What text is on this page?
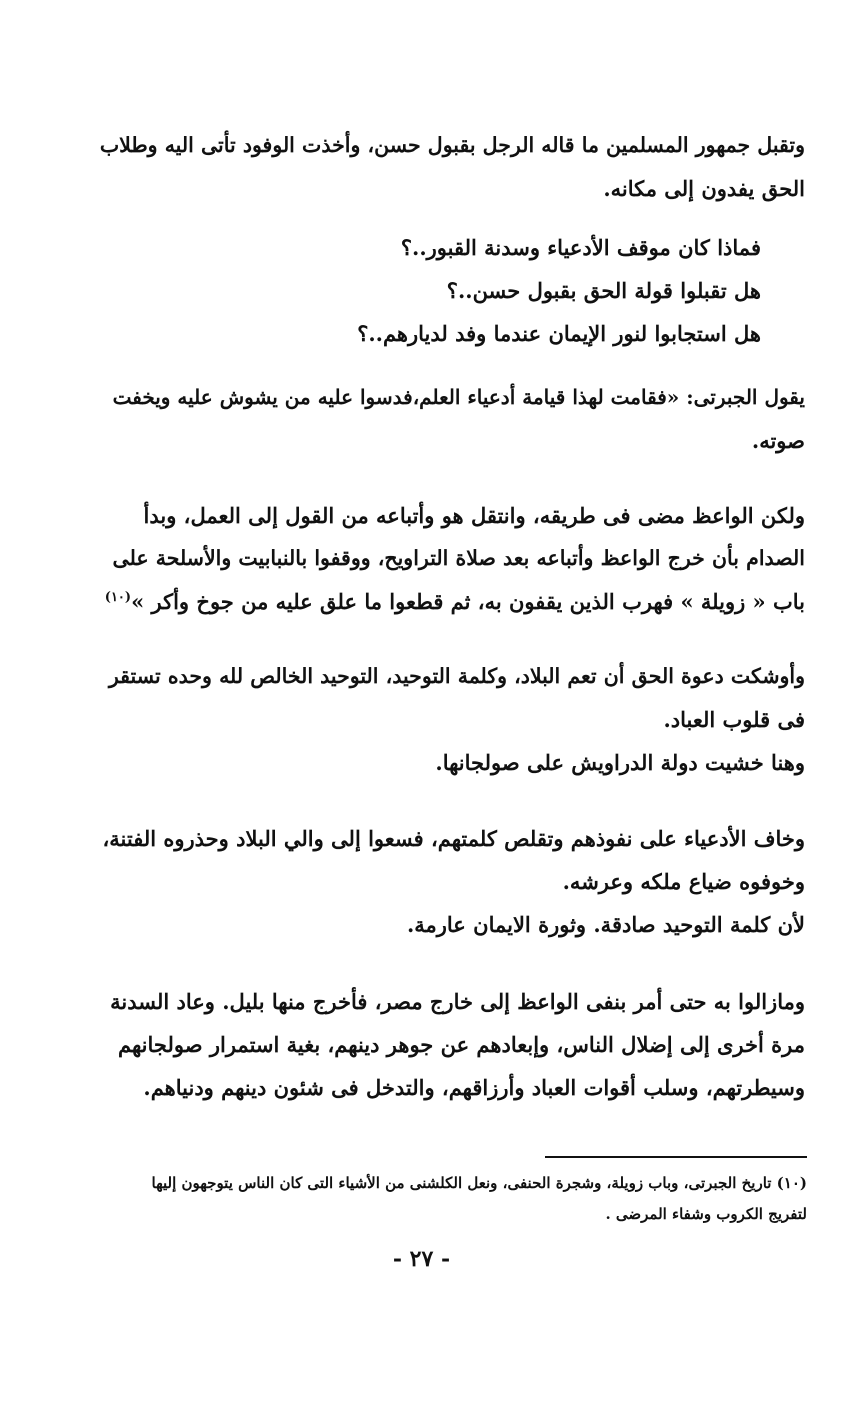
وتقبل جمهور المسلمين ما قاله الرجل بقبول حسن، وأخذت الوفود تأتى اليه وطلاب
الحق يفدون إلى مكانه.
فماذا كان موقف الأدعياء وسدنة القبور..؟
هل تقبلوا قولة الحق بقبول حسن..؟
هل استجابوا لنور الإيمان عندما وفد لديارهم..؟
يقول الجبرتى: «فقامت لهذا قيامة أدعياء العلم،فدسوا عليه من يشوش عليه ويخفت
صوته.
ولكن الواعظ مضى فى طريقه، وانتقل هو وأتباعه من القول إلى العمل، وبدأ
الصدام بأن خرج الواعظ وأتباعه بعد صلاة التراويح، ووقفوا بالنبابيت والأسلحة على
باب « زويلة » فهرب الذين يقفون به، ثم قطعوا ما علق عليه من جوخ وأكر »$^{(١٠)}$
وأوشكت دعوة الحق أن تعم البلاد، وكلمة التوحيد، التوحيد الخالص لله وحده تستقر
فى قلوب العباد.
وهنا خشيت دولة الدراويش على صولجانها.
وخاف الأدعياء على نفوذهم وتقلص كلمتهم، فسعوا إلى والي البلاد وحذروه الفتنة،
وخوفوه ضياع ملكه وعرشه.
لأن كلمة التوحيد صادقة. وثورة الايمان عارمة.
ومازالوا به حتى أمر بنفى الواعظ إلى خارج مصر، فأخرج منها بليل. وعاد السدنة
مرة أخرى إلى إضلال الناس، وإبعادهم عن جوهر دينهم، بغية استمرار صولجانهم
وسيطرتهم، وسلب أقوات العباد وأرزاقهم، والتدخل فى شئون دينهم ودنياهم.
(١٠) تاريخ الجبرتى، وباب زويلة، وشجرة الحنفى، ونعل الكلشنى من الأشياء التى كان الناس يتوجهون إليها
لتفريج الكروب وشفاء المرضى .
- ٢٧ -
